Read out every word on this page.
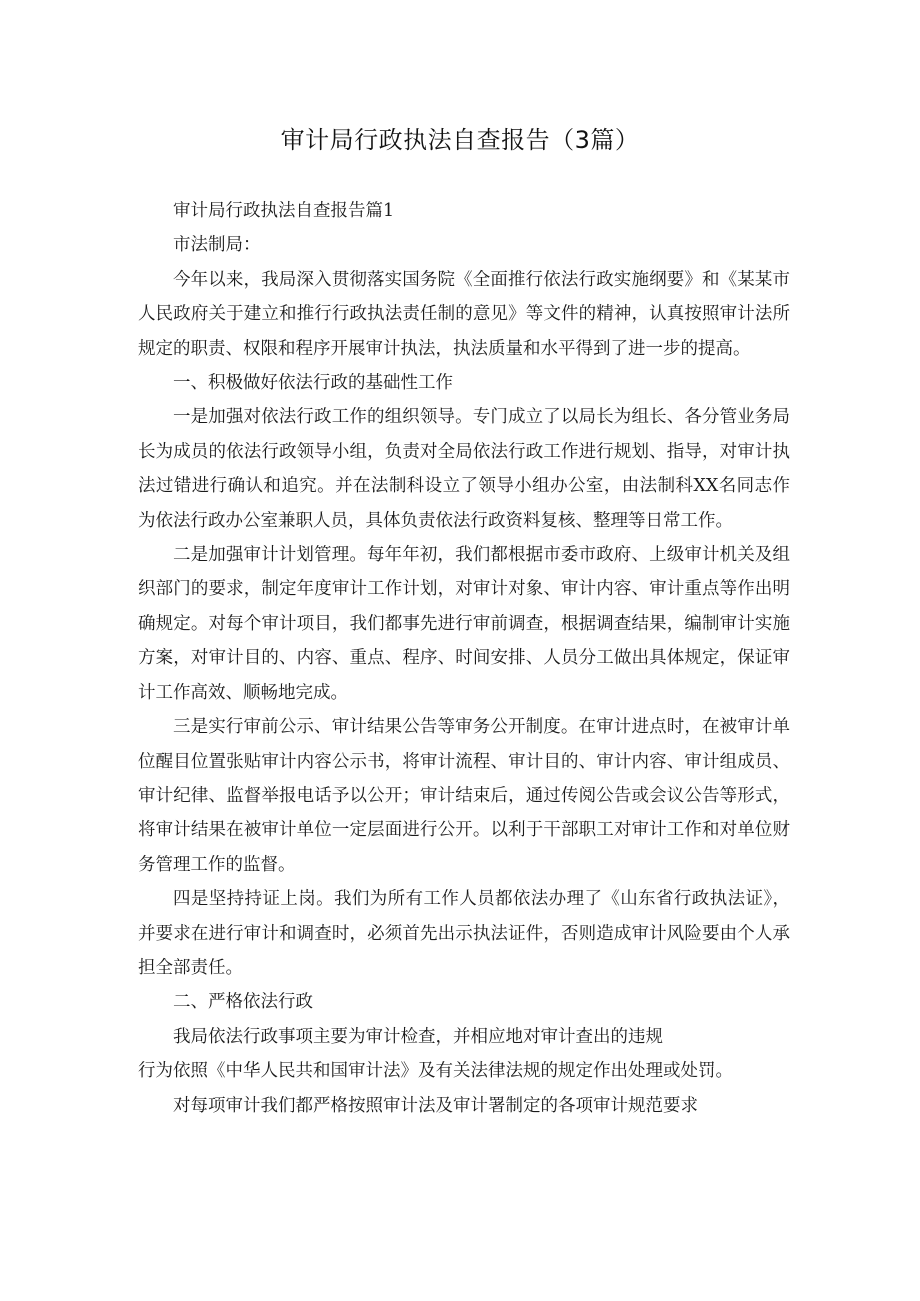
审计局行政执法自查报告（3篇）

审计局行政执法自查报告篇1

市法制局：

今年以来，我局深入贯彻落实国务院《全面推行依法行政实施纲要》和《某某市人民政府关于建立和推行行政执法责任制的意见》等文件的精神，认真按照审计法所规定的职责、权限和程序开展审计执法，执法质量和水平得到了进一步的提高。

一、积极做好依法行政的基础性工作

一是加强对依法行政工作的组织领导。专门成立了以局长为组长、各分管业务局长为成员的依法行政领导小组，负责对全局依法行政工作进行规划、指导，对审计执法过错进行确认和追究。并在法制科设立了领导小组办公室，由法制科XX名同志作为依法行政办公室兼职人员，具体负责依法行政资料复核、整理等日常工作。

二是加强审计计划管理。每年年初，我们都根据市委市政府、上级审计机关及组织部门的要求，制定年度审计工作计划，对审计对象、审计内容、审计重点等作出明确规定。对每个审计项目，我们都事先进行审前调查，根据调查结果，编制审计实施方案，对审计目的、内容、重点、程序、时间安排、人员分工做出具体规定，保证审计工作高效、顺畅地完成。

三是实行审前公示、审计结果公告等审务公开制度。在审计进点时，在被审计单位醒目位置张贴审计内容公示书，将审计流程、审计目的、审计内容、审计组成员、审计纪律、监督举报电话予以公开；审计结束后，通过传阅公告或会议公告等形式，将审计结果在被审计单位一定层面进行公开。以利于干部职工对审计工作和对单位财务管理工作的监督。

四是坚持持证上岗。我们为所有工作人员都依法办理了《山东省行政执法证》，并要求在进行审计和调查时，必须首先出示执法证件，否则造成审计风险要由个人承担全部责任。

二、严格依法行政

我局依法行政事项主要为审计检查，并相应地对审计查出的违规

行为依照《中华人民共和国审计法》及有关法律法规的规定作出处理或处罚。

对每项审计我们都严格按照审计法及审计署制定的各项审计规范要求
